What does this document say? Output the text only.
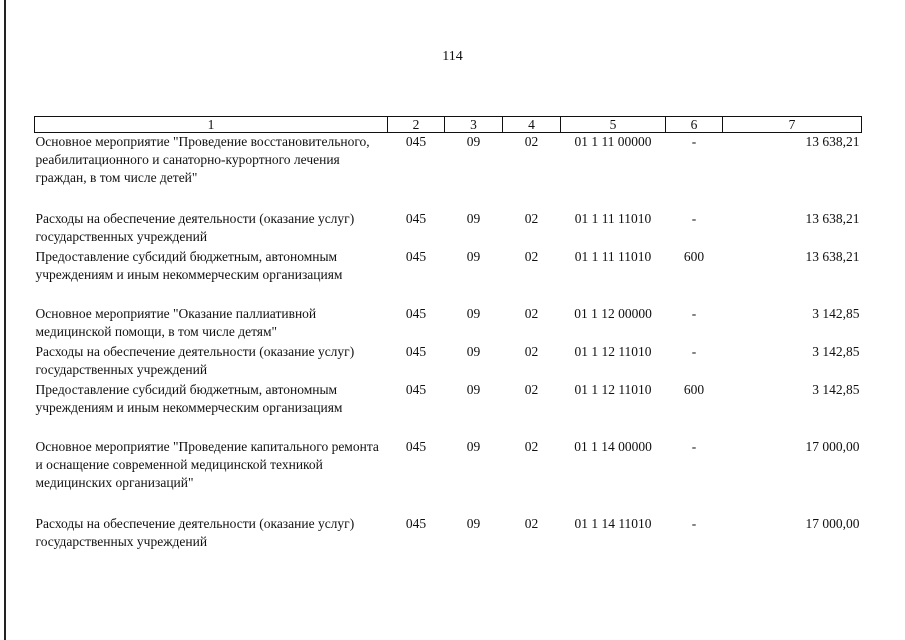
114
1	2	3	4	5	6	7
Основное мероприятие "Проведение восстановительного, реабилитационного и санаторно-курортного лечения граждан, в том числе детей"	045	09	02	01 1 11 00000	-	13 638,21
Расходы на обеспечение деятельности (оказание услуг) государственных учреждений	045	09	02	01 1 11 11010	-	13 638,21
Предоставление субсидий бюджетным, автономным учреждениям и иным некоммерческим организациям	045	09	02	01 1 11 11010	600	13 638,21
Основное мероприятие "Оказание паллиативной медицинской помощи, в том числе детям"	045	09	02	01 1 12 00000	-	3 142,85
Расходы на обеспечение деятельности (оказание услуг) государственных учреждений	045	09	02	01 1 12 11010	-	3 142,85
Предоставление субсидий бюджетным, автономным учреждениям и иным некоммерческим организациям	045	09	02	01 1 12 11010	600	3 142,85
Основное мероприятие "Проведение капитального ремонта и оснащение современной медицинской техникой медицинских организаций"	045	09	02	01 1 14 00000	-	17 000,00
Расходы на обеспечение деятельности (оказание услуг) государственных учреждений	045	09	02	01 1 14 11010	-	17 000,00
